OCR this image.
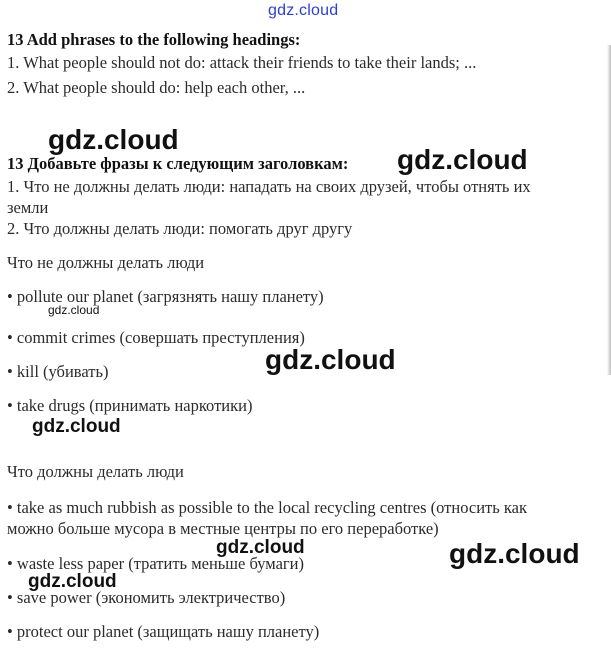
gdz.cloud
13 Add phrases to the following headings:
1. What people should not do: attack their friends to take their lands; ...
2. What people should do: help each other, ...
gdz.cloud
13 Добавьте фразы к следующим заголовкам: gdz.cloud
1. Что не должны делать люди: нападать на своих друзей, чтобы отнять их
земли
2. Что должны делать люди: помогать друг другу
Что не должны делать люди
• pollute our planet (загрязнять нашу планету)
gdz.cloud
• commit crimes (совершать преступления)
• kill (убивать)	gdz.cloud
• take drugs (принимать наркотики)
gdz.cloud
Что должны делать люди
• take as much rubbish as possible to the local recycling centres (относить как
можно больше мусора в местные центры по его переработке)
gdz.cloud	gdz.cloud
• waste less paper (тратить меньше бумаги)
gdz.cloud
• save power (экономить электричество)
• protect our planet (защищать нашу планету)
